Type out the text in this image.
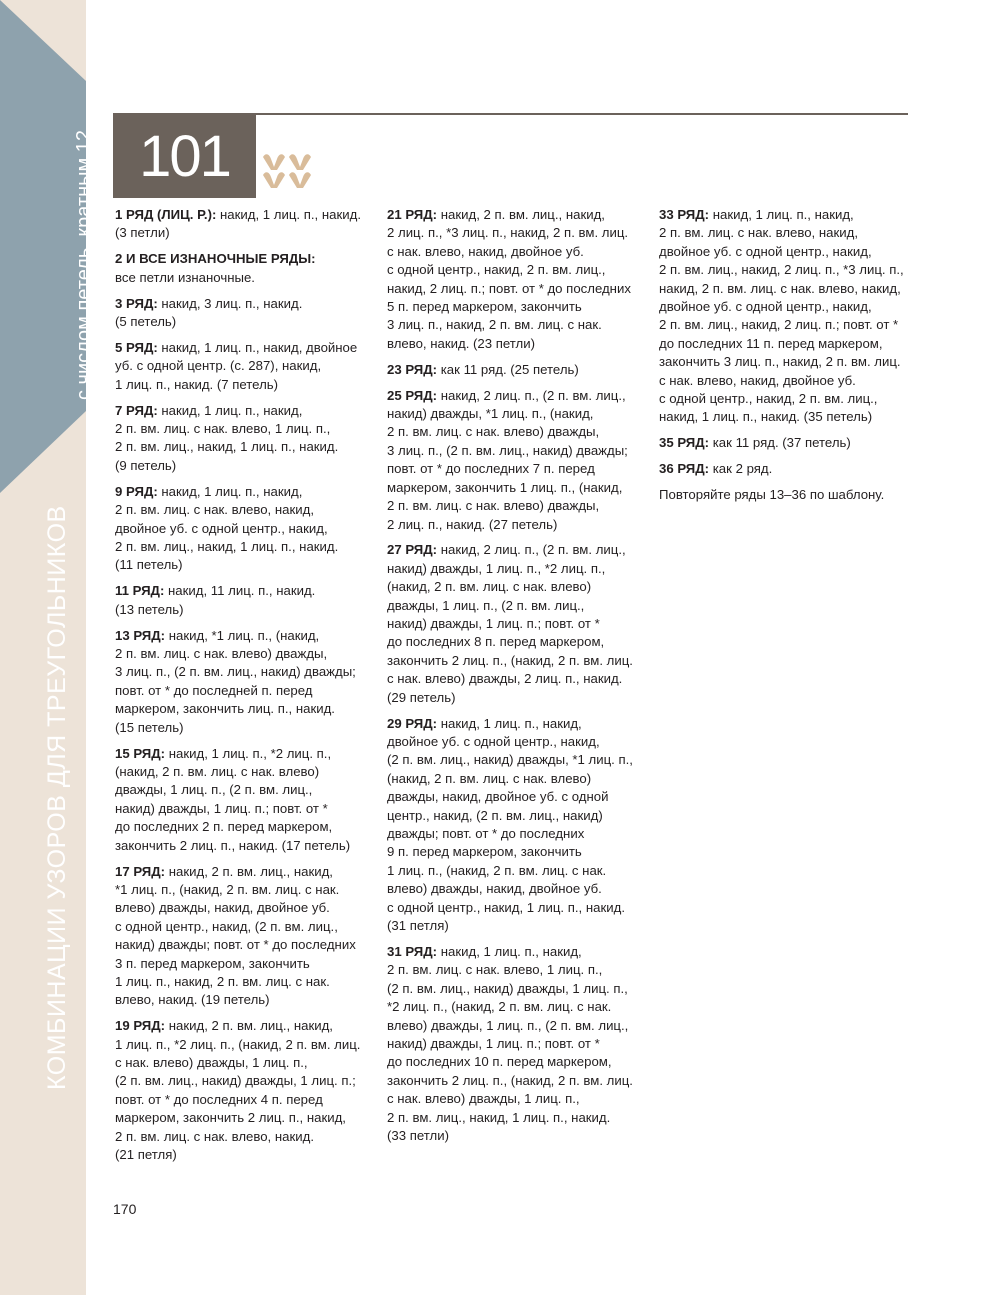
с числом петель, кратным 12
КОМБИНАЦИИ УЗОРОВ ДЛЯ ТРЕУГОЛЬНИКОВ
101
1 РЯД (ЛИЦ. Р.): накид, 1 лиц. п., накид.
(3 петли)
2 И ВСЕ ИЗНАНОЧНЫЕ РЯДЫ:
все петли изнаночные.
3 РЯД: накид, 3 лиц. п., накид.
(5 петель)
5 РЯД: накид, 1 лиц. п., накид, двойное
уб. с одной центр. (с. 287), накид,
1 лиц. п., накид. (7 петель)
7 РЯД: накид, 1 лиц. п., накид,
2 п. вм. лиц. с нак. влево, 1 лиц. п.,
2 п. вм. лиц., накид, 1 лиц. п., накид.
(9 петель)
9 РЯД: накид, 1 лиц. п., накид,
2 п. вм. лиц. с нак. влево, накид,
двойное уб. с одной центр., накид,
2 п. вм. лиц., накид, 1 лиц. п., накид.
(11 петель)
11 РЯД: накид, 11 лиц. п., накид.
(13 петель)
13 РЯД: накид, *1 лиц. п., (накид,
2 п. вм. лиц. с нак. влево) дважды,
3 лиц. п., (2 п. вм. лиц., накид) дважды;
повт. от * до последней п. перед
маркером, закончить лиц. п., накид.
(15 петель)
15 РЯД: накид, 1 лиц. п., *2 лиц. п.,
(накид, 2 п. вм. лиц. с нак. влево)
дважды, 1 лиц. п., (2 п. вм. лиц.,
накид) дважды, 1 лиц. п.; повт. от *
до последних 2 п. перед маркером,
закончить 2 лиц. п., накид. (17 петель)
17 РЯД: накид, 2 п. вм. лиц., накид,
*1 лиц. п., (накид, 2 п. вм. лиц. с нак.
влево) дважды, накид, двойное уб.
с одной центр., накид, (2 п. вм. лиц.,
накид) дважды; повт. от * до последних
3 п. перед маркером, закончить
1 лиц. п., накид, 2 п. вм. лиц. с нак.
влево, накид. (19 петель)
19 РЯД: накид, 2 п. вм. лиц., накид,
1 лиц. п., *2 лиц. п., (накид, 2 п. вм. лиц.
с нак. влево) дважды, 1 лиц. п.,
(2 п. вм. лиц., накид) дважды, 1 лиц. п.;
повт. от * до последних 4 п. перед
маркером, закончить 2 лиц. п., накид,
2 п. вм. лиц. с нак. влево, накид.
(21 петля)
21 РЯД: накид, 2 п. вм. лиц., накид,
2 лиц. п., *3 лиц. п., накид, 2 п. вм. лиц.
с нак. влево, накид, двойное уб.
с одной центр., накид, 2 п. вм. лиц.,
накид, 2 лиц. п.; повт. от * до последних
5 п. перед маркером, закончить
3 лиц. п., накид, 2 п. вм. лиц. с нак.
влево, накид. (23 петли)
23 РЯД: как 11 ряд. (25 петель)
25 РЯД: накид, 2 лиц. п., (2 п. вм. лиц.,
накид) дважды, *1 лиц. п., (накид,
2 п. вм. лиц. с нак. влево) дважды,
3 лиц. п., (2 п. вм. лиц., накид) дважды;
повт. от * до последних 7 п. перед
маркером, закончить 1 лиц. п., (накид,
2 п. вм. лиц. с нак. влево) дважды,
2 лиц. п., накид. (27 петель)
27 РЯД: накид, 2 лиц. п., (2 п. вм. лиц.,
накид) дважды, 1 лиц. п., *2 лиц. п.,
(накид, 2 п. вм. лиц. с нак. влево)
дважды, 1 лиц. п., (2 п. вм. лиц.,
накид) дважды, 1 лиц. п.; повт. от *
до последних 8 п. перед маркером,
закончить 2 лиц. п., (накид, 2 п. вм. лиц.
с нак. влево) дважды, 2 лиц. п., накид.
(29 петель)
29 РЯД: накид, 1 лиц. п., накид,
двойное уб. с одной центр., накид,
(2 п. вм. лиц., накид) дважды, *1 лиц. п.,
(накид, 2 п. вм. лиц. с нак. влево)
дважды, накид, двойное уб. с одной
центр., накид, (2 п. вм. лиц., накид)
дважды; повт. от * до последних
9 п. перед маркером, закончить
1 лиц. п., (накид, 2 п. вм. лиц. с нак.
влево) дважды, накид, двойное уб.
с одной центр., накид, 1 лиц. п., накид.
(31 петля)
31 РЯД: накид, 1 лиц. п., накид,
2 п. вм. лиц. с нак. влево, 1 лиц. п.,
(2 п. вм. лиц., накид) дважды, 1 лиц. п.,
*2 лиц. п., (накид, 2 п. вм. лиц. с нак.
влево) дважды, 1 лиц. п., (2 п. вм. лиц.,
накид) дважды, 1 лиц. п.; повт. от *
до последних 10 п. перед маркером,
закончить 2 лиц. п., (накид, 2 п. вм. лиц.
с нак. влево) дважды, 1 лиц. п.,
2 п. вм. лиц., накид, 1 лиц. п., накид.
(33 петли)
33 РЯД: накид, 1 лиц. п., накид,
2 п. вм. лиц. с нак. влево, накид,
двойное уб. с одной центр., накид,
2 п. вм. лиц., накид, 2 лиц. п., *3 лиц. п.,
накид, 2 п. вм. лиц. с нак. влево, накид,
двойное уб. с одной центр., накид,
2 п. вм. лиц., накид, 2 лиц. п.; повт. от *
до последних 11 п. перед маркером,
закончить 3 лиц. п., накид, 2 п. вм. лиц.
с нак. влево, накид, двойное уб.
с одной центр., накид, 2 п. вм. лиц.,
накид, 1 лиц. п., накид. (35 петель)
35 РЯД: как 11 ряд. (37 петель)
36 РЯД: как 2 ряд.
Повторяйте ряды 13–36 по шаблону.
170
